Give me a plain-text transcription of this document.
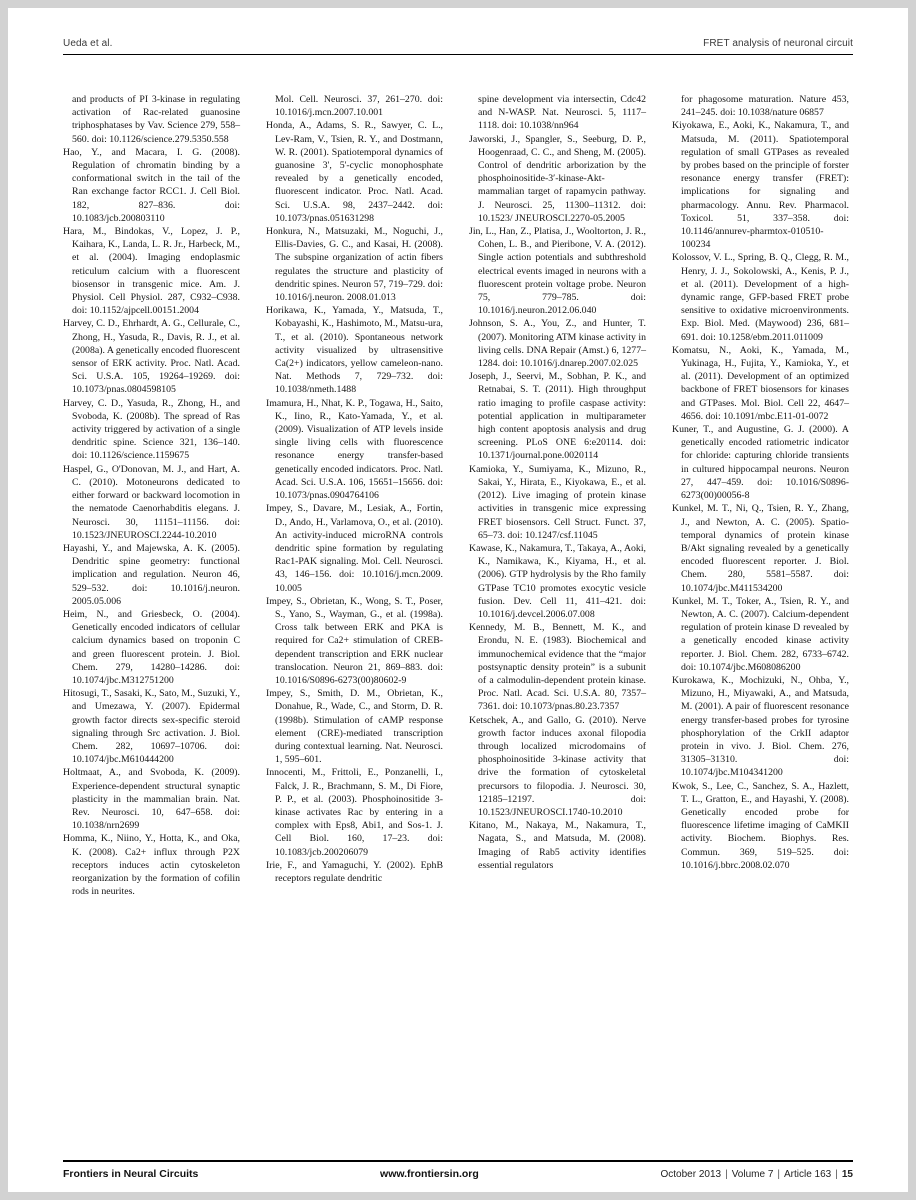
Ueda et al.	FRET analysis of neuronal circuit

and products of PI 3-kinase in regulating activation of Rac-related guanosine triphosphatases by Vav. Science 279, 558–560. doi: 10.1126/science.279.5350.558

Hao, Y., and Macara, I. G. (2008). Regulation of chromatin binding by a conformational switch in the tail of the Ran exchange factor RCC1. J. Cell Biol. 182, 827–836. doi: 10.1083/jcb.200803110

Hara, M., Bindokas, V., Lopez, J. P., Kaihara, K., Landa, L. R. Jr., Harbeck, M., et al. (2004). Imaging endoplasmic reticulum calcium with a fluorescent biosensor in transgenic mice. Am. J. Physiol. Cell Physiol. 287, C932–C938. doi: 10.1152/ajpcell.00151.2004

Harvey, C. D., Ehrhardt, A. G., Cellurale, C., Zhong, H., Yasuda, R., Davis, R. J., et al. (2008a). A genetically encoded fluorescent sensor of ERK activity. Proc. Natl. Acad. Sci. U.S.A. 105, 19264–19269. doi: 10.1073/pnas.0804598105

Harvey, C. D., Yasuda, R., Zhong, H., and Svoboda, K. (2008b). The spread of Ras activity triggered by activation of a single dendritic spine. Science 321, 136–140. doi: 10.1126/science.1159675

Haspel, G., O'Donovan, M. J., and Hart, A. C. (2010). Motoneurons dedicated to either forward or backward locomotion in the nematode Caenorhabditis elegans. J. Neurosci. 30, 11151–11156. doi: 10.1523/JNEUROSCI.2244-10.2010

Hayashi, Y., and Majewska, A. K. (2005). Dendritic spine geometry: functional implication and regulation. Neuron 46, 529–532. doi: 10.1016/j.neuron. 2005.05.006

Heim, N., and Griesbeck, O. (2004). Genetically encoded indicators of cellular calcium dynamics based on troponin C and green fluorescent protein. J. Biol. Chem. 279, 14280–14286. doi: 10.1074/jbc.M312751200

Hitosugi, T., Sasaki, K., Sato, M., Suzuki, Y., and Umezawa, Y. (2007). Epidermal growth factor directs sex-specific steroid signaling through Src activation. J. Biol. Chem. 282, 10697–10706. doi: 10.1074/jbc.M610444200

Holtmaat, A., and Svoboda, K. (2009). Experience-dependent structural synaptic plasticity in the mammalian brain. Nat. Rev. Neurosci. 10, 647–658. doi: 10.1038/nrn2699

Homma, K., Niino, Y., Hotta, K., and Oka, K. (2008). Ca2+ influx through P2X receptors induces actin cytoskeleton reorganization by the formation of cofilin rods in neurites.

Mol. Cell. Neurosci. 37, 261–270. doi: 10.1016/j.mcn.2007.10.001

Honda, A., Adams, S. R., Sawyer, C. L., Lev-Ram, V., Tsien, R. Y., and Dostmann, W. R. (2001). Spatiotemporal dynamics of guanosine 3', 5'-cyclic monophosphate revealed by a genetically encoded, fluorescent indicator. Proc. Natl. Acad. Sci. U.S.A. 98, 2437–2442. doi: 10.1073/pnas.051631298

Honkura, N., Matsuzaki, M., Noguchi, J., Ellis-Davies, G. C., and Kasai, H. (2008). The subspine organization of actin fibers regulates the structure and plasticity of dendritic spines. Neuron 57, 719–729. doi: 10.1016/j.neuron. 2008.01.013

Horikawa, K., Yamada, Y., Matsuda, T., Kobayashi, K., Hashimoto, M., Matsu-ura, T., et al. (2010). Spontaneous network activity visualized by ultrasensitive Ca(2+) indicators, yellow cameleon-nano. Nat. Methods 7, 729–732. doi: 10.1038/nmeth.1488

Imamura, H., Nhat, K. P., Togawa, H., Saito, K., Iino, R., Kato-Yamada, Y., et al. (2009). Visualization of ATP levels inside single living cells with fluorescence resonance energy transfer-based genetically encoded indicators. Proc. Natl. Acad. Sci. U.S.A. 106, 15651–15656. doi: 10.1073/pnas.0904764106

Impey, S., Davare, M., Lesiak, A., Fortin, D., Ando, H., Varlamova, O., et al. (2010). An activity-induced microRNA controls dendritic spine formation by regulating Rac1-PAK signaling. Mol. Cell. Neurosci. 43, 146–156. doi: 10.1016/j.mcn.2009. 10.005

Impey, S., Obrietan, K., Wong, S. T., Poser, S., Yano, S., Wayman, G., et al. (1998a). Cross talk between ERK and PKA is required for Ca2+ stimulation of CREB-dependent transcription and ERK nuclear translocation. Neuron 21, 869–883. doi: 10.1016/S0896-6273(00)80602-9

Impey, S., Smith, D. M., Obrietan, K., Donahue, R., Wade, C., and Storm, D. R. (1998b). Stimulation of cAMP response element (CRE)-mediated transcription during contextual learning. Nat. Neurosci. 1, 595–601.

Innocenti, M., Frittoli, E., Ponzanelli, I., Falck, J. R., Brachmann, S. M., Di Fiore, P. P., et al. (2003). Phosphoinositide 3-kinase activates Rac by entering in a complex with Eps8, Abi1, and Sos-1. J. Cell Biol. 160, 17–23. doi: 10.1083/jcb.200206079

Irie, F., and Yamaguchi, Y. (2002). EphB receptors regulate dendritic

spine development via intersectin, Cdc42 and N-WASP. Nat. Neurosci. 5, 1117–1118. doi: 10.1038/nn964

Jaworski, J., Spangler, S., Seeburg, D. P., Hoogenraad, C. C., and Sheng, M. (2005). Control of dendritic arborization by the phosphoinositide-3′-kinase-Akt-mammalian target of rapamycin pathway. J. Neurosci. 25, 11300–11312. doi: 10.1523/ JNEUROSCI.2270-05.2005

Jin, L., Han, Z., Platisa, J., Wooltorton, J. R., Cohen, L. B., and Pieribone, V. A. (2012). Single action potentials and subthreshold electrical events imaged in neurons with a fluorescent protein voltage probe. Neuron 75, 779–785. doi: 10.1016/j.neuron.2012.06.040

Johnson, S. A., You, Z., and Hunter, T. (2007). Monitoring ATM kinase activity in living cells. DNA Repair (Amst.) 6, 1277–1284. doi: 10.1016/j.dnarep.2007.02.025

Joseph, J., Seervi, M., Sobhan, P. K., and Retnabai, S. T. (2011). High throughput ratio imaging to profile caspase activity: potential application in multiparameter high content apoptosis analysis and drug screening. PLoS ONE 6:e20114. doi: 10.1371/journal.pone.0020114

Kamioka, Y., Sumiyama, K., Mizuno, R., Sakai, Y., Hirata, E., Kiyokawa, E., et al. (2012). Live imaging of protein kinase activities in transgenic mice expressing FRET biosensors. Cell Struct. Funct. 37, 65–73. doi: 10.1247/csf.11045

Kawase, K., Nakamura, T., Takaya, A., Aoki, K., Namikawa, K., Kiyama, H., et al. (2006). GTP hydrolysis by the Rho family GTPase TC10 promotes exocytic vesicle fusion. Dev. Cell 11, 411–421. doi: 10.1016/j.devcel.2006.07.008

Kennedy, M. B., Bennett, M. K., and Erondu, N. E. (1983). Biochemical and immunochemical evidence that the “major postsynaptic density protein” is a subunit of a calmodulin-dependent protein kinase. Proc. Natl. Acad. Sci. U.S.A. 80, 7357–7361. doi: 10.1073/pnas.80.23.7357

Ketschek, A., and Gallo, G. (2010). Nerve growth factor induces axonal filopodia through localized microdomains of phosphoinositide 3-kinase activity that drive the formation of cytoskeletal precursors to filopodia. J. Neurosci. 30, 12185–12197. doi: 10.1523/JNEUROSCI.1740-10.2010

Kitano, M., Nakaya, M., Nakamura, T., Nagata, S., and Matsuda, M. (2008). Imaging of Rab5 activity identifies essential regulators

for phagosome maturation. Nature 453, 241–245. doi: 10.1038/nature 06857

Kiyokawa, E., Aoki, K., Nakamura, T., and Matsuda, M. (2011). Spatiotemporal regulation of small GTPases as revealed by probes based on the principle of forster resonance energy transfer (FRET): implications for signaling and pharmacology. Annu. Rev. Pharmacol. Toxicol. 51, 337–358. doi: 10.1146/annurev-pharmtox-010510-100234

Kolossov, V. L., Spring, B. Q., Clegg, R. M., Henry, J. J., Sokolowski, A., Kenis, P. J., et al. (2011). Development of a high-dynamic range, GFP-based FRET probe sensitive to oxidative microenvironments. Exp. Biol. Med. (Maywood) 236, 681–691. doi: 10.1258/ebm.2011.011009

Komatsu, N., Aoki, K., Yamada, M., Yukinaga, H., Fujita, Y., Kamioka, Y., et al. (2011). Development of an optimized backbone of FRET biosensors for kinases and GTPases. Mol. Biol. Cell 22, 4647–4656. doi: 10.1091/mbc.E11-01-0072

Kuner, T., and Augustine, G. J. (2000). A genetically encoded ratiometric indicator for chloride: capturing chloride transients in cultured hippocampal neurons. Neuron 27, 447–459. doi: 10.1016/S0896-6273(00)00056-8

Kunkel, M. T., Ni, Q., Tsien, R. Y., Zhang, J., and Newton, A. C. (2005). Spatio-temporal dynamics of protein kinase B/Akt signaling revealed by a genetically encoded fluorescent reporter. J. Biol. Chem. 280, 5581–5587. doi: 10.1074/jbc.M411534200

Kunkel, M. T., Toker, A., Tsien, R. Y., and Newton, A. C. (2007). Calcium-dependent regulation of protein kinase D revealed by a genetically encoded kinase activity reporter. J. Biol. Chem. 282, 6733–6742. doi: 10.1074/jbc.M608086200

Kurokawa, K., Mochizuki, N., Ohba, Y., Mizuno, H., Miyawaki, A., and Matsuda, M. (2001). A pair of fluorescent resonance energy transfer-based probes for tyrosine phosphorylation of the CrkII adaptor protein in vivo. J. Biol. Chem. 276, 31305–31310. doi: 10.1074/jbc.M104341200

Kwok, S., Lee, C., Sanchez, S. A., Hazlett, T. L., Gratton, E., and Hayashi, Y. (2008). Genetically encoded probe for fluorescence lifetime imaging of CaMKII activity. Biochem. Biophys. Res. Commun. 369, 519–525. doi: 10.1016/j.bbrc.2008.02.070

Frontiers in Neural Circuits	www.frontiersin.org	October 2013 | Volume 7 | Article 163 | 15
